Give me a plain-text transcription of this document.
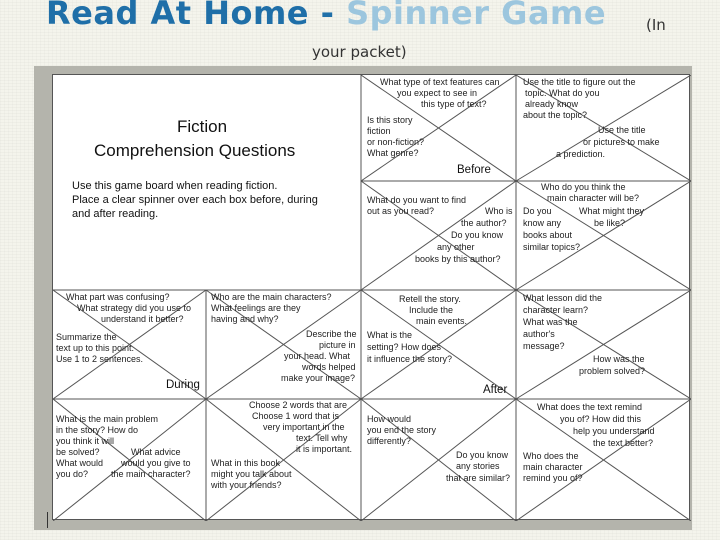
Read At Home - Spinner Game	(In
your packet)
Fiction
Comprehension Questions
Use this game board when reading fiction.
Place a clear spinner over each box before, during
and after reading.
Before
During	After
What type of text features can
you expect to see in
this type of text?
Is this story
fiction
or non-fiction?
What genre?
Use the title to figure out the
topic. What do you
already know
about the topic?
Use the title
or pictures to make
a prediction.
What do you want to find
out as you read?	Who is
the author?
Do you know
any other
books by this author?
Who do you think the
main character will be?
Do you
know any
books about
similar topics?
What might they
be like?
What part was confusing?
What strategy did you use to
understand it better?
Summarize the
text up to this point.
Use 1 to 2 sentences.
Who are the main characters?
What feelings are they
having and why?
Describe the
picture in
your head. What
words helped
make your image?
What is the main problem
in the story? How do
you think it will
be solved?
What would
you do?
What advice
would you give to
the main character?
Choose 2 words that are
Choose 1 word that is
very important in the
text. Tell why
it is important.
What in this book
might you talk about
with your friends?
Retell the story.
Include the
main events.
What is the
setting? How does
it influence the story?
What lesson did the
character learn?
What was the
author's
message?
How was the
problem solved?
How would
you end the story
differently?
Do you know
any stories
that are similar?
What does the text remind
you of? How did this
help you understand
the text better?
Who does the
main character
remind you of?
